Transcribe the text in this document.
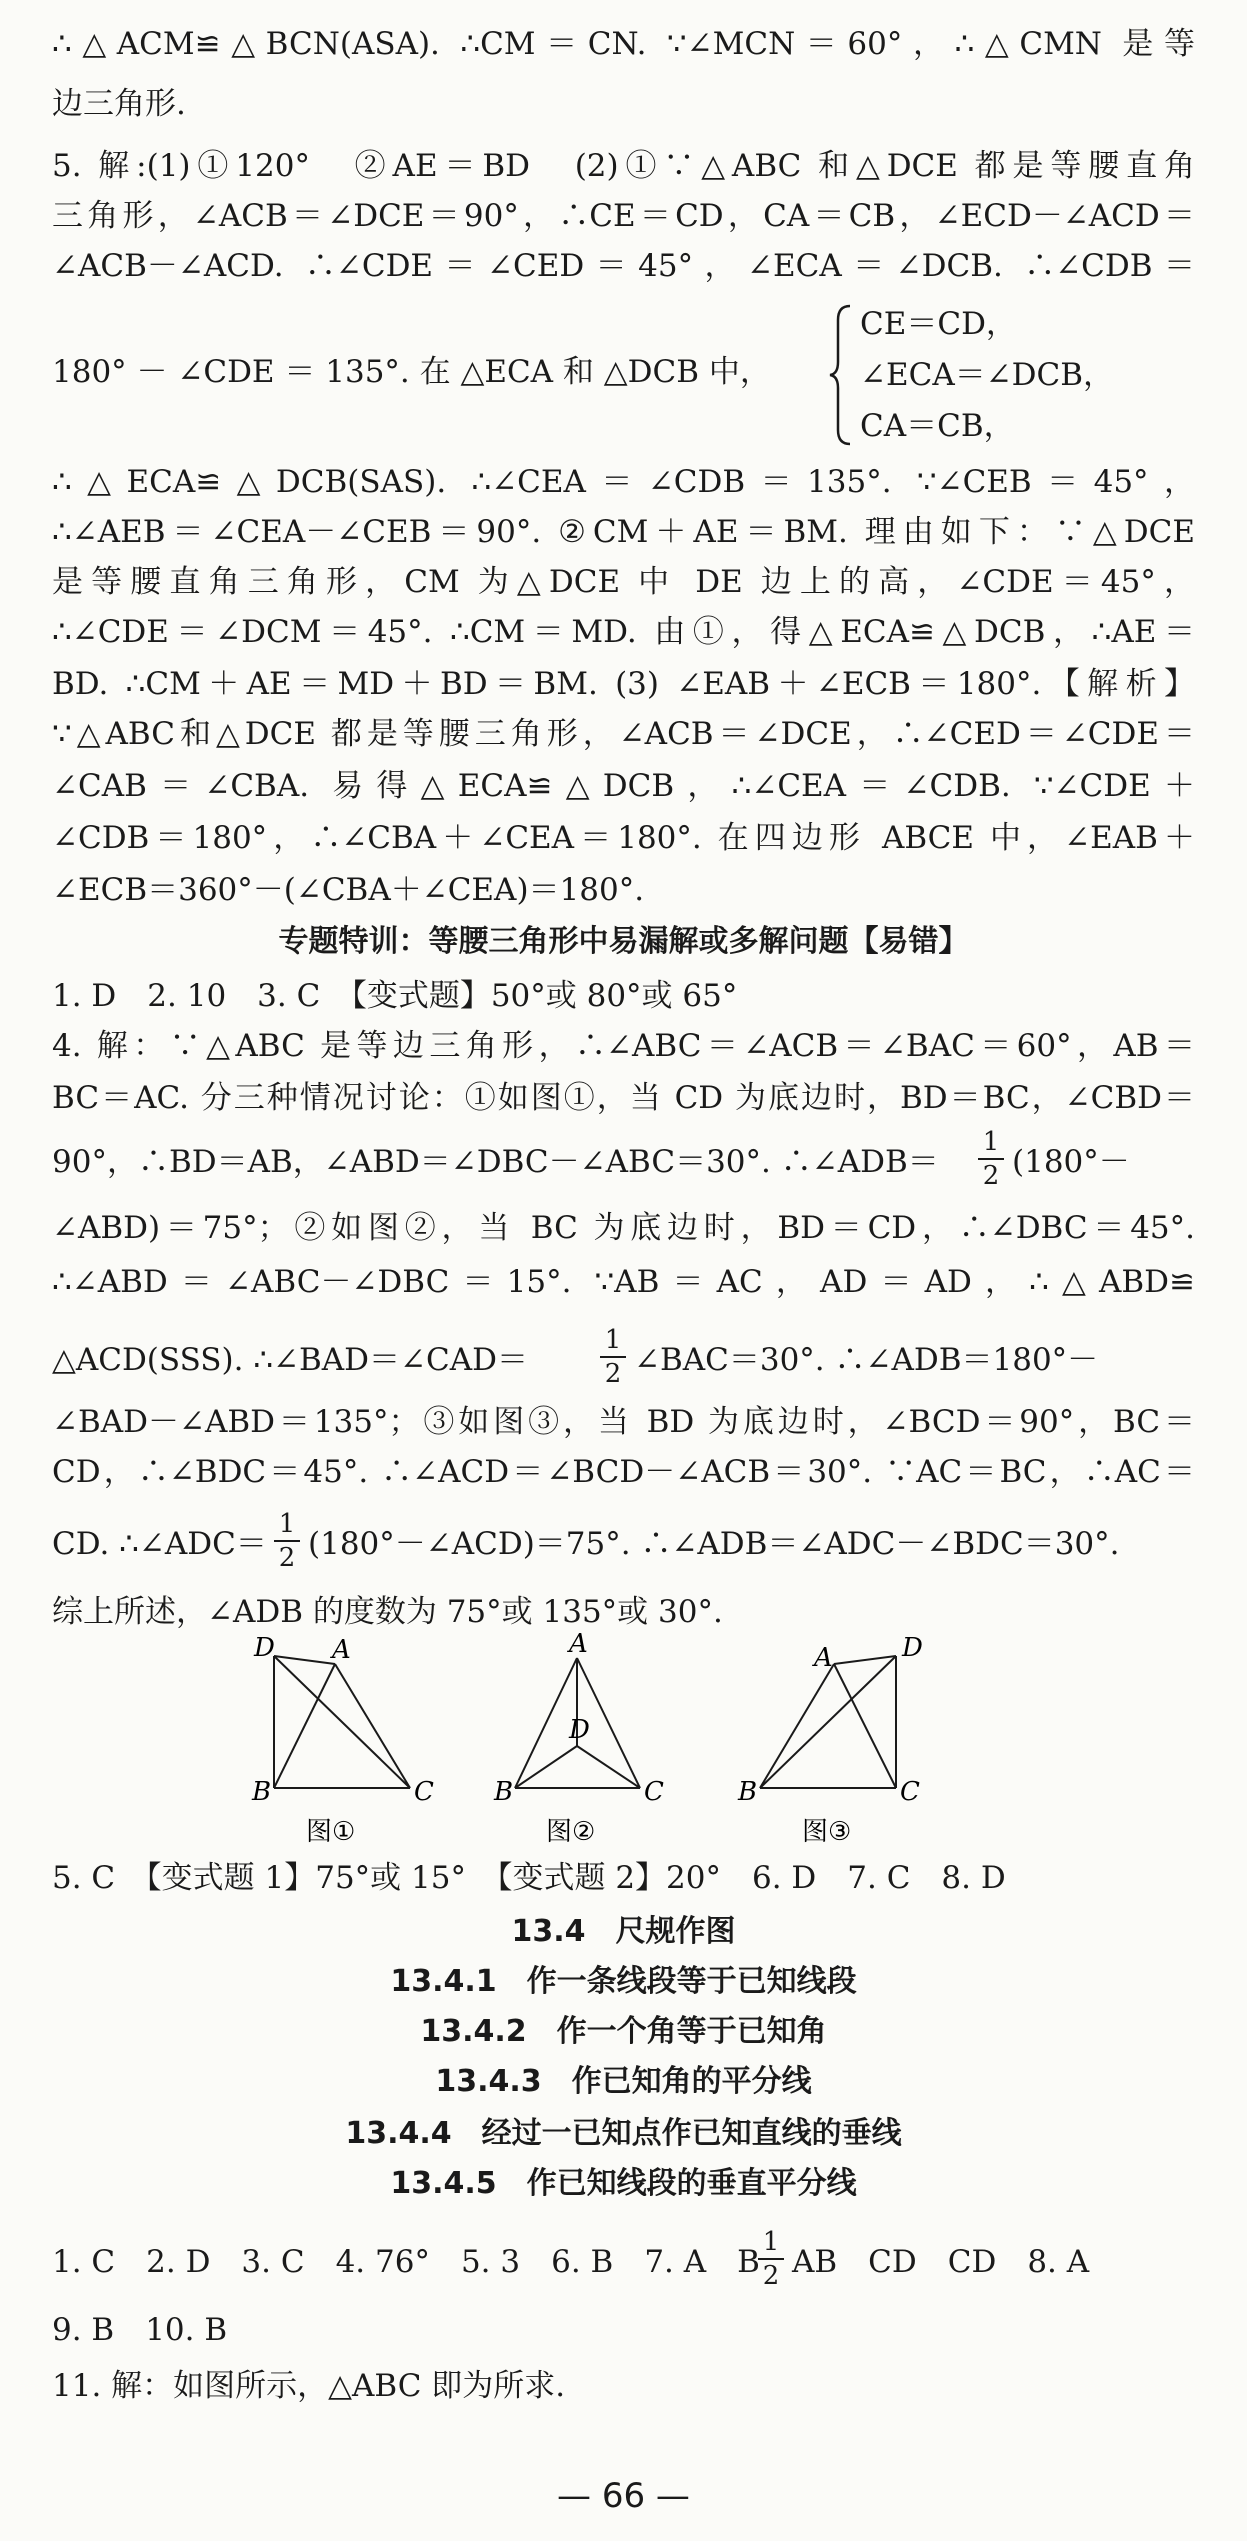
∴△ACM≌△BCN(ASA). ∴CM＝CN. ∵∠MCN＝60°，∴△CMN 是等
边三角形.
5. 解:(1)①120°　②AE＝BD　(2)①∵△ABC 和△DCE 都是等腰直角
三角形，∠ACB＝∠DCE＝90°，∴CE＝CD，CA＝CB，∠ECD－∠ACD＝
∠ACB－∠ACD. ∴∠CDE＝∠CED＝45°，∠ECA＝∠DCB. ∴∠CDB＝
180° － ∠CDE ＝ 135°. 在 △ECA 和 △DCB 中，
CE＝CD，
∠ECA＝∠DCB，
CA＝CB，
∴△ECA≌△DCB(SAS). ∴∠CEA＝∠CDB＝135°. ∵∠CEB＝45°，
∴∠AEB＝∠CEA－∠CEB＝90°. ②CM＋AE＝BM. 理由如下：∵△DCE
是等腰直角三角形，CM 为△DCE 中 DE 边上的高，∠CDE＝45°，
∴∠CDE＝∠DCM＝45°. ∴CM＝MD. 由①，得△ECA≌△DCB，∴AE＝
BD. ∴CM＋AE＝MD＋BD＝BM. (3) ∠EAB＋∠ECB＝180°.【解析】
∵△ABC和△DCE 都是等腰三角形，∠ACB＝∠DCE，∴∠CED＝∠CDE＝
∠CAB＝∠CBA. 易得△ECA≌△DCB，∴∠CEA＝∠CDB. ∵∠CDE＋
∠CDB＝180°，∴∠CBA＋∠CEA＝180°. 在四边形 ABCE 中，∠EAB＋
∠ECB＝360°－(∠CBA＋∠CEA)＝180°.
专题特训：等腰三角形中易漏解或多解问题【易错】
1. D　2. 10　3. C　【变式题】50°或 80°或 65°
4. 解：∵△ABC 是等边三角形，∴∠ABC＝∠ACB＝∠BAC＝60°，AB＝
BC＝AC. 分三种情况讨论：①如图①，当 CD 为底边时，BD＝BC，∠CBD＝
90°，∴BD＝AB，∠ABD＝∠DBC－∠ABC＝30°. ∴∠ADB＝ $\frac{1}{2} (180^\circ-$
∠ABD)＝75°；②如图②，当 BC 为底边时，BD＝CD，∴∠DBC＝45°.
∴∠ABD＝∠ABC－∠DBC＝15°. ∵AB＝AC，AD＝AD，∴△ABD≌
△ACD(SSS). ∴∠BAD＝∠CAD＝	$\frac{1}{2}$ ∠BAC＝30°. ∴∠ADB＝180°－
∠BAD－∠ABD＝135°；③如图③，当 BD 为底边时，∠BCD＝90°，BC＝
CD，∴∠BDC＝45°. ∴∠ACD＝∠BCD－∠ACB＝30°. ∵AC＝BC，∴AC＝
CD. ∴∠ADC＝ $\frac{1}{2}$ (180°－∠ACD)＝75°. ∴∠ADB＝∠ADC－∠BDC＝30°.
综上所述，∠ADB 的度数为 75°或 135°或 30°.
D A
B	C
图①
A
D
B	C
图②
A	D
B	C
图③
5. C　【变式题 1】75°或 15°　【变式题 2】20°　6. D　7. C　8. D
13.4　尺规作图
13.4.1　作一条线段等于已知线段
13.4.2　作一个角等于已知角
13.4.3　作已知角的平分线
13.4.4　经过一已知点作已知直线的垂线
13.4.5　作已知线段的垂直平分线
1. C　2. D　3. C　4. 76°　5. 3　6. B　7. A　B
$\frac{1}{2}$ AB　CD　CD　8. A
9. B　10. B
11. 解：如图所示，△ABC 即为所求.
— 66 —
